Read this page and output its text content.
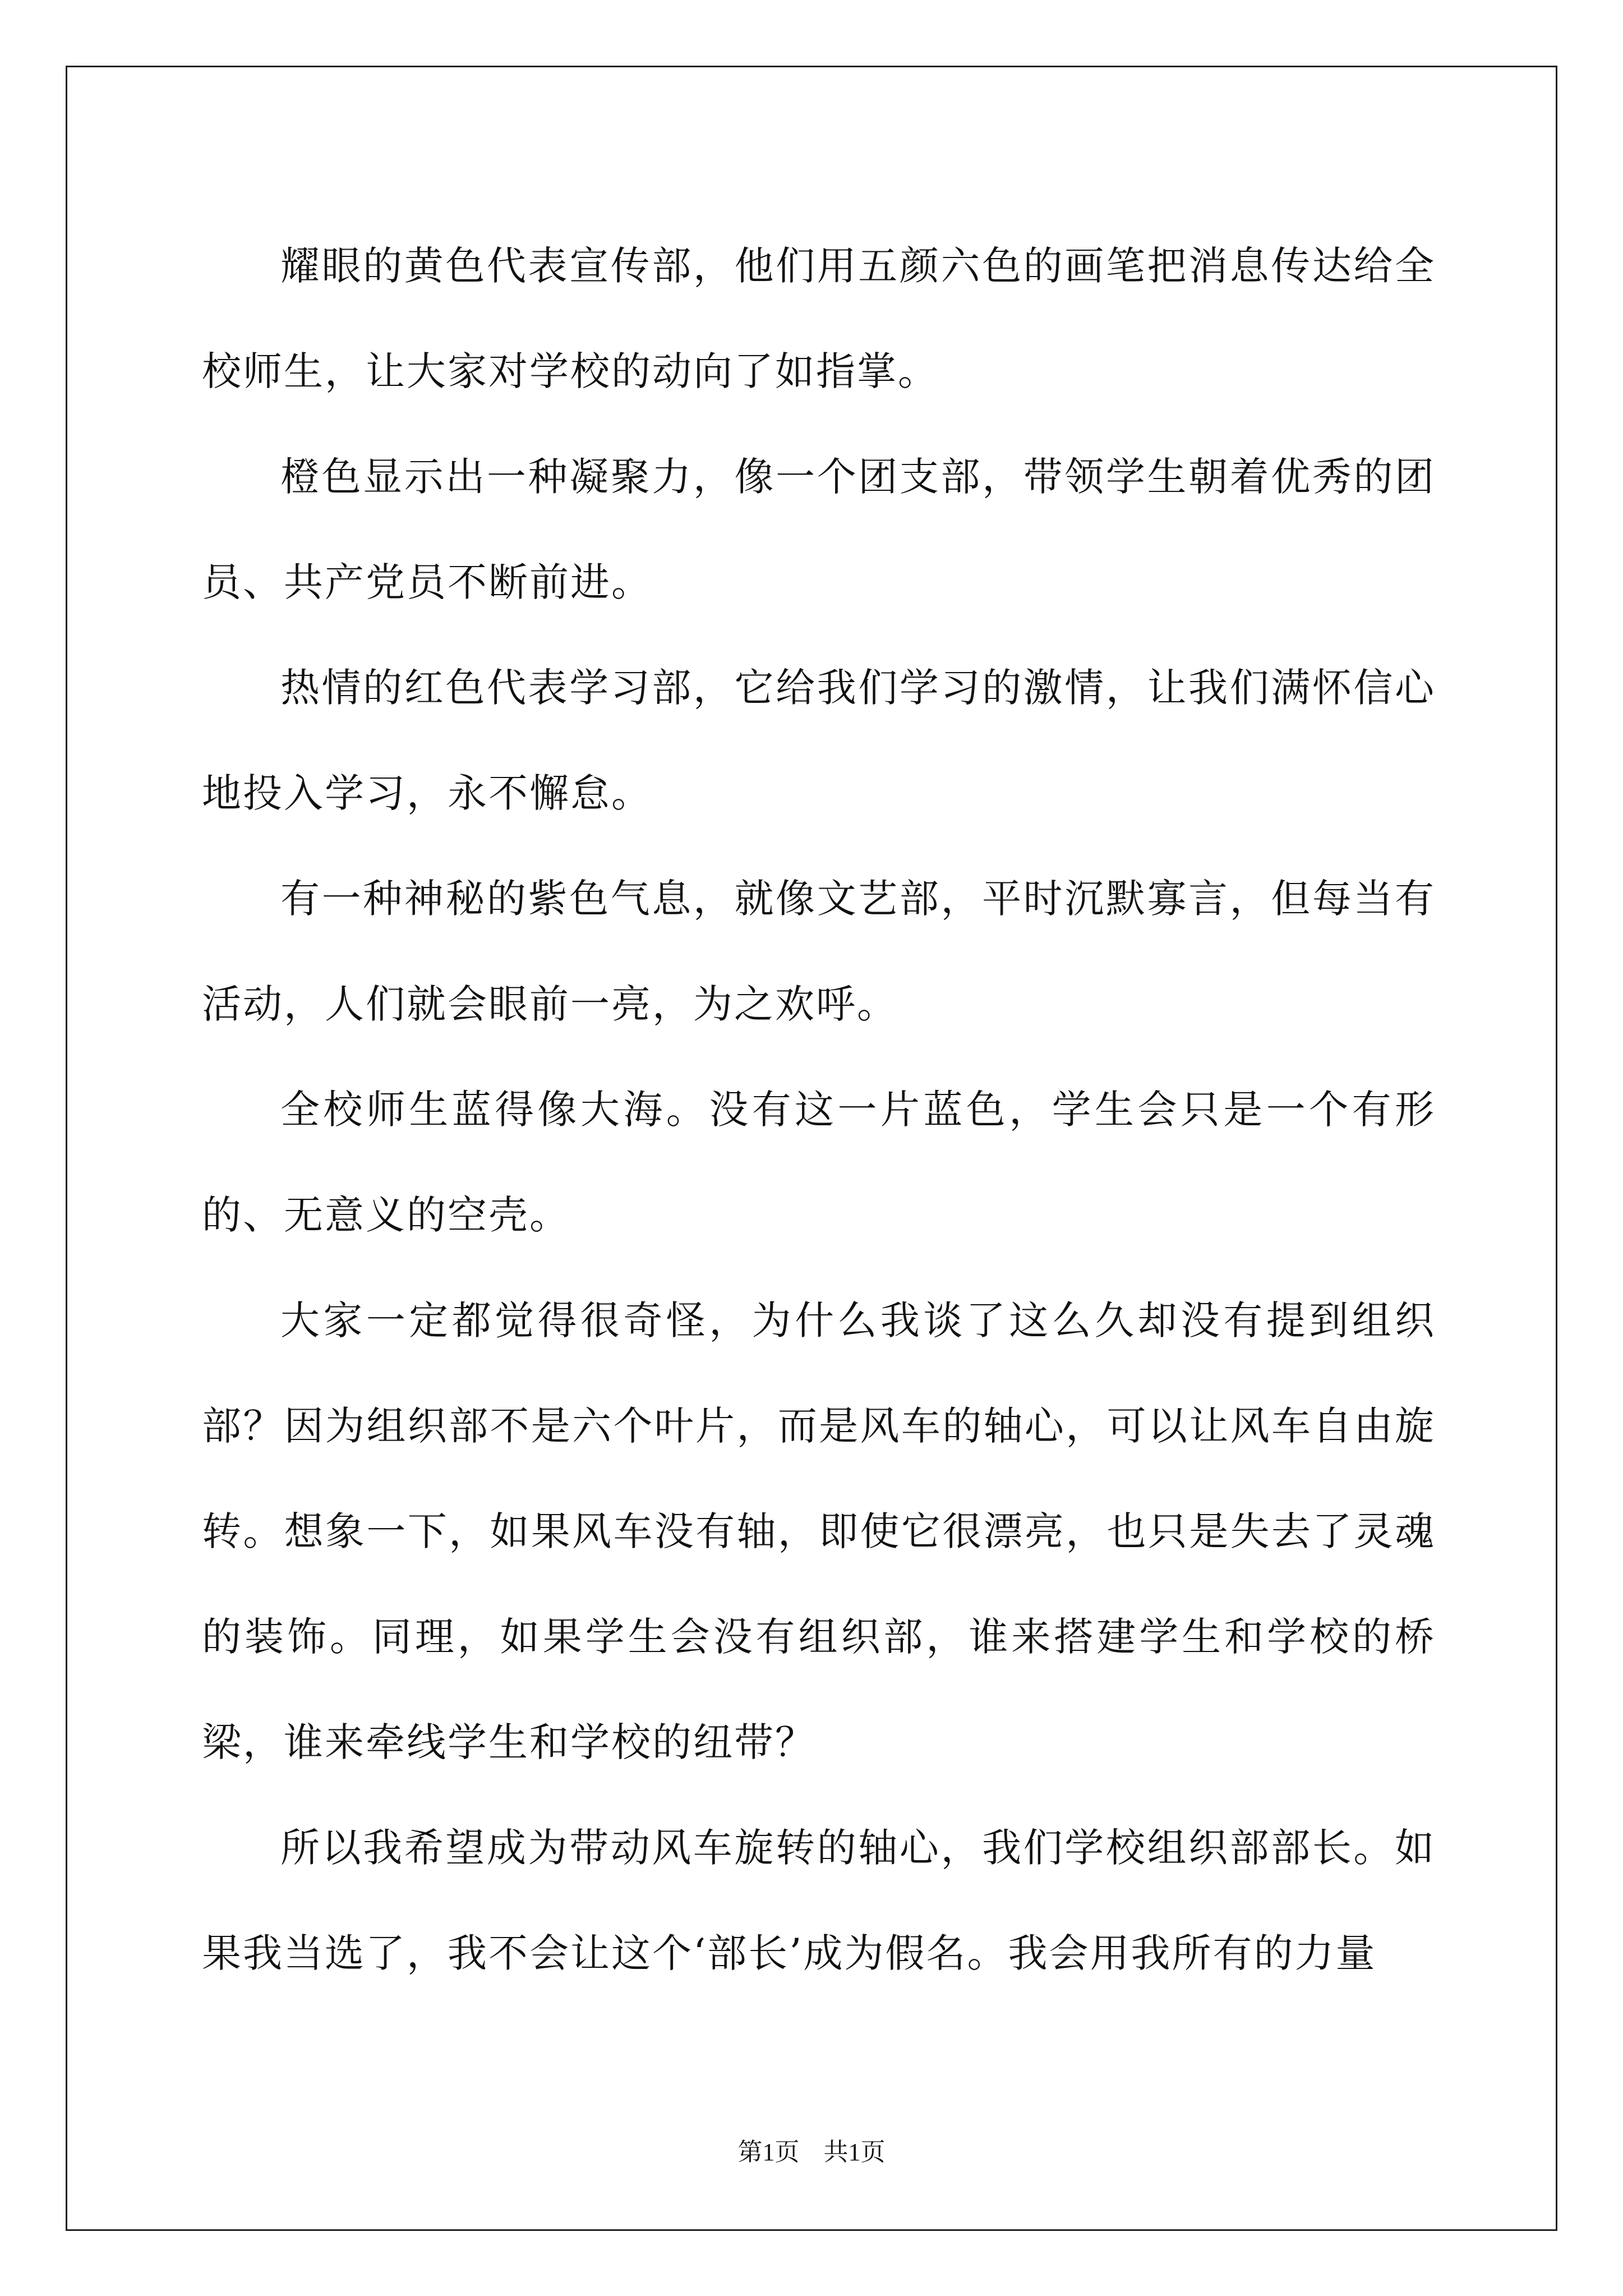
耀眼的黄色代表宣传部，他们用五颜六色的画笔把消息传达给全校师生，让大家对学校的动向了如指掌。

橙色显示出一种凝聚力，像一个团支部，带领学生朝着优秀的团员、共产党员不断前进。

热情的红色代表学习部，它给我们学习的激情，让我们满怀信心地投入学习，永不懈怠。

有一种神秘的紫色气息，就像文艺部，平时沉默寡言，但每当有活动，人们就会眼前一亮，为之欢呼。

全校师生蓝得像大海。没有这一片蓝色，学生会只是一个有形的、无意义的空壳。

大家一定都觉得很奇怪，为什么我谈了这么久却没有提到组织部？因为组织部不是六个叶片，而是风车的轴心，可以让风车自由旋转。想象一下，如果风车没有轴，即使它很漂亮，也只是失去了灵魂的装饰。同理，如果学生会没有组织部，谁来搭建学生和学校的桥梁，谁来牵线学生和学校的纽带？

所以我希望成为带动风车旋转的轴心，我们学校组织部部长。如果我当选了，我不会让这个‘部长’成为假名。我会用我所有的力量

第1页 共1页
